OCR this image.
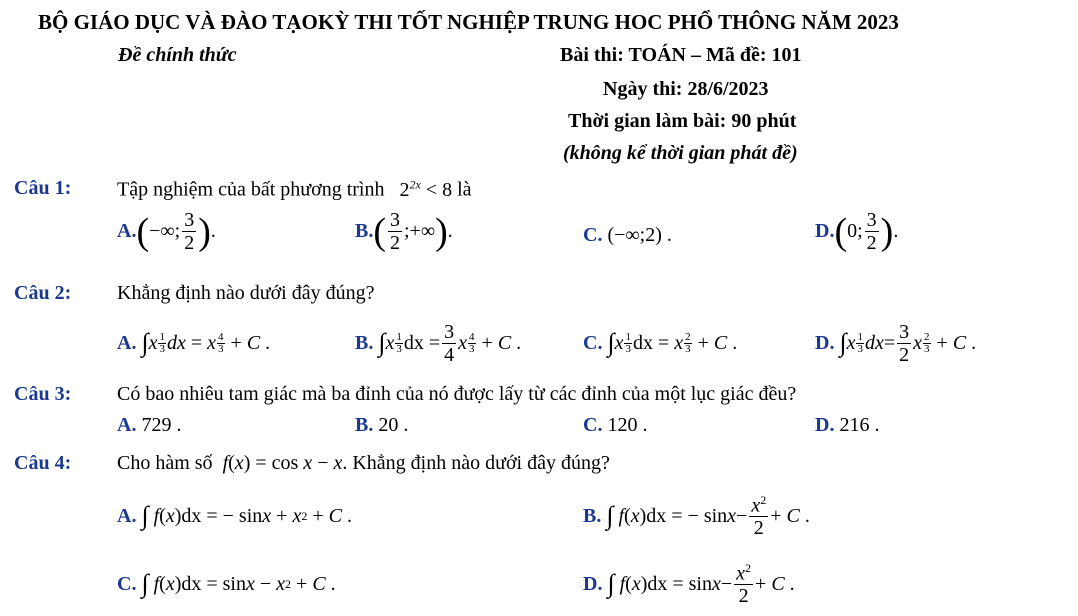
BỘ GIÁO DỤC VÀ ĐÀO TẠO KỲ THI TỐT NGHIỆP TRUNG HOC PHỔ THÔNG NĂM 2023
Đề chính thức	Bài thi: TOÁN – Mã đề: 101
Ngày thi: 28/6/2023
Thời gian làm bài: 90 phút
(không kể thời gian phát đề)
Câu 1: Tập nghiệm của bất phương trình   $2^{2x} < 8$ là
A. ( −∞; $\frac{3}{2}$ ) .	B. ( $\frac{3}{2}$ ;+∞ ) .	C. (−∞;2) .	D. ( 0; $\frac{3}{2}$ ) .
Câu 2: Khẳng định nào dưới đây đúng?
A.
∫ x 1
3 dx = x 4
3 + C .	B.
∫ x 1
3 dx = $\frac{3}{4}$ x 4
3 + C .	C.
∫ x 1
3 dx = x 2
3 + C .	D.
∫ x 1
3 dx = $\frac{3}{2}$ x 2
3 + C .
Câu 3: Có bao nhiêu tam giác mà ba đỉnh của nó được lấy từ các đỉnh của một lục giác đều?
A. 729 .	B. 20 .	C. 120 .	D. 216 .
Câu 4: Cho hàm số f(x) = cos x − x. Khẳng định nào dưới đây đúng?
A.
∫
f ( x )dx = − sin x + x 2 + C .	B.
∫
f ( x )dx = − $\sin x - \frac{x^2}{2} + C$ .
C.
∫
f ( x )dx = sin x − x 2 + C .	D.
∫
f ( x )$dx = \sin x - \frac{x^2}{2} + C$ .
